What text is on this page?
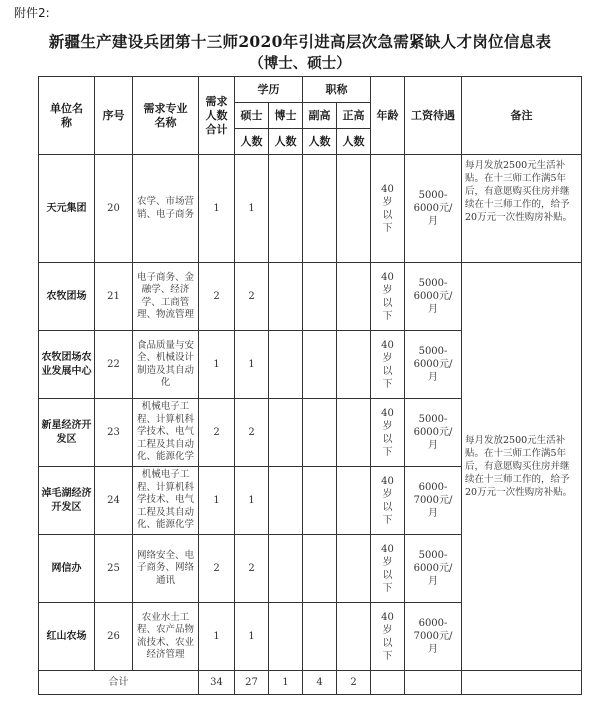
附件2:
新疆生产建设兵团第十三师2020年引进高层次急需紧缺人才岗位信息表
（博士、硕士）
单位名称	序号	需求专业名称	需求人数合计	学历		职称		年龄	工资待遇	备注
				硕士	博士	副高	正高			
				人数	人数	人数	人数			
天元集团	20	农学、市场营销、电子商务	1	1				40岁以下	5000-6000元/月	每月发放2500元生活补贴。在十三师工作满5年后，有意愿购买住房并继续在十三师工作的，给予20万元一次性购房补贴。
农牧团场	21	电子商务、金融学、经济学、工商管理、物流管理	2	2				40岁以下	5000-6000元/月	每月发放2500元生活补贴。在十三师工作满5年后，有意愿购买住房并继续在十三师工作的，给予20万元一次性购房补贴。
农牧团场农业发展中心	22	食品质量与安全、机械设计制造及其自动化	1	1				40岁以下	5000-6000元/月	
新星经济开发区	23	机械电子工程、计算机科学技术、电气工程及其自动化、能源化学	2	2				40岁以下	5000-6000元/月	
淖毛湖经济开发区	24	机械电子工程、计算机科学技术、电气工程及其自动化、能源化学	1	1				40岁以下	6000-7000元/月	
网信办	25	网络安全、电子商务、网络通讯	2	2				40岁以下	5000-6000元/月	
红山农场	26	农业水土工程、农产品物流技术、农业经济管理	1	1				40岁以下	6000-7000元/月	
合计			34	27	1	4	2			
